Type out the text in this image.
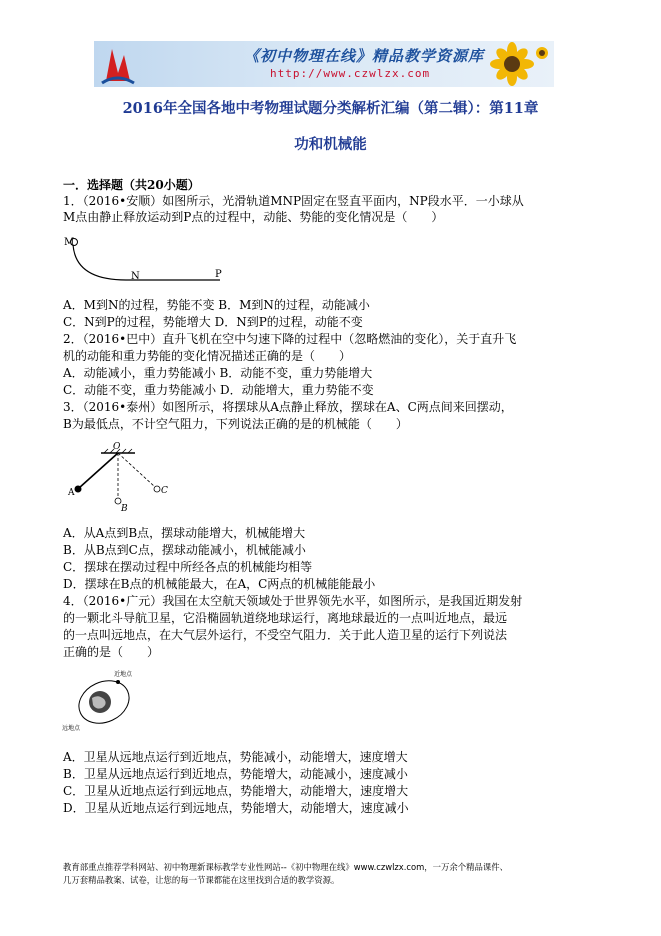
《初中物理在线》精品教学资源库
http://www.czwlzx.com
2016年全国各地中考物理试题分类解析汇编（第二辑）：第11章
功和机械能
一．选择题（共20小题）
1．（2016•安顺）如图所示，光滑轨道MNP固定在竖直平面内，NP段水平．一小球从
M点由静止释放运动到P点的过程中，动能、势能的变化情况是（　　）
M
N	P
A．M到N的过程，势能不变 B．M到N的过程，动能减小
C．N到P的过程，势能增大 D．N到P的过程，动能不变
2．（2016•巴中）直升飞机在空中匀速下降的过程中（忽略燃油的变化），关于直升飞
机的动能和重力势能的变化情况描述正确的是（　　）
A．动能减小，重力势能减小 B．动能不变，重力势能增大
C．动能不变，重力势能减小 D．动能增大，重力势能不变
3．（2016•泰州）如图所示，将摆球从A点静止释放，摆球在A、C两点间来回摆动，
B为最低点，不计空气阻力，下列说法正确的是的机械能（　　）
O
A
B
C
A．从A点到B点，摆球动能增大，机械能增大
B．从B点到C点，摆球动能减小，机械能减小
C．摆球在摆动过程中所经各点的机械能均相等
D．摆球在B点的机械能最大，在A，C两点的机械能能最小
4．（2016•广元）我国在太空航天领域处于世界领先水平，如图所示，是我国近期发射
的一颗北斗导航卫星，它沿椭圆轨道绕地球运行，离地球最近的一点叫近地点，最远
的一点叫远地点，在大气层外运行，不受空气阻力．关于此人造卫星的运行下列说法
正确的是（　　）
近地点
远地点
A．卫星从远地点运行到近地点，势能减小，动能增大，速度增大
B．卫星从远地点运行到近地点，势能增大，动能减小，速度减小
C．卫星从近地点运行到远地点，势能增大，动能增大，速度增大
D．卫星从近地点运行到远地点，势能增大，动能增大，速度减小
教育部重点推荐学科网站、初中物理新课标教学专业性网站--《初中物理在线》www.czwlzx.com，一万余个精品课件、
几万套精品教案、试卷，让您的每一节课都能在这里找到合适的教学资源。
